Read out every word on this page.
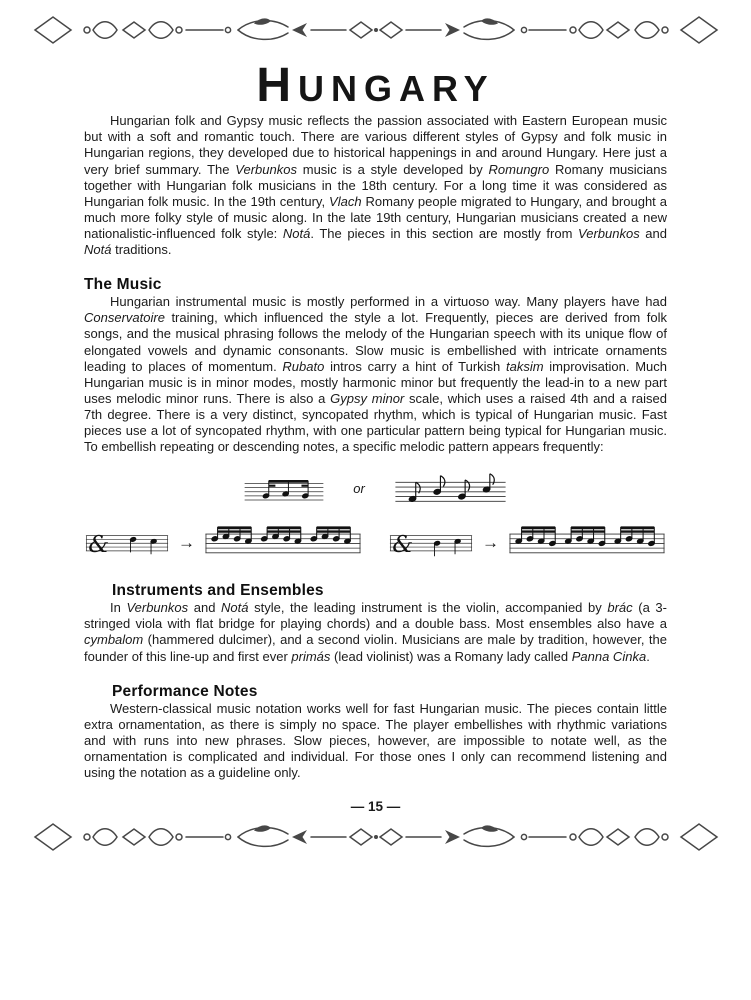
HUNGARY

Hungarian folk and Gypsy music reflects the passion associated with Eastern European music but with a soft and romantic touch. There are various different styles of Gypsy and folk music in Hungarian regions, they developed due to historical happenings in and around Hungary. Here just a very brief summary. The Verbunkos music is a style developed by Romungro Romany musicians together with Hungarian folk musicians in the 18th century. For a long time it was considered as Hungarian folk music. In the 19th century, Vlach Romany people migrated to Hungary, and brought a much more folky style of music along. In the late 19th century, Hungarian musicians created a new nationalistic-influenced folk style: Notá. The pieces in this section are mostly from Verbunkos and Notá traditions.

The Music

Hungarian instrumental music is mostly performed in a virtuoso way. Many players have had Conservatoire training, which influenced the style a lot. Frequently, pieces are derived from folk songs, and the musical phrasing follows the melody of the Hungarian speech with its unique flow of elongated vowels and dynamic consonants. Slow music is embellished with intricate ornaments leading to places of momentum. Rubato intros carry a hint of Turkish taksim improvisation. Much Hungarian music is in minor modes, mostly harmonic minor but frequently the lead-in to a new part uses melodic minor runs. There is also a Gypsy minor scale, which uses a raised 4th and a raised 7th degree. There is a very distinct, syncopated rhythm, which is typical of Hungarian music. Fast pieces use a lot of syncopated rhythm, with one particular pattern being typical for Hungarian music. To embellish repeating or descending notes, a specific melodic pattern appears frequently:

or
&	→	&	→
Instruments and Ensembles

In Verbunkos and Notá style, the leading instrument is the violin, accompanied by brác (a 3-stringed viola with flat bridge for playing chords) and a double bass. Most ensembles also have a cymbalom (hammered dulcimer), and a second violin. Musicians are male by tradition, however, the founder of this line-up and first ever primás (lead violinist) was a Romany lady called Panna Cinka.

Performance Notes

Western-classical music notation works well for fast Hungarian music. The pieces contain little extra ornamentation, as there is simply no space. The player embellishes with rhythmic variations and with runs into new phrases. Slow pieces, however, are impossible to notate well, as the ornamentation is complicated and individual. For those ones I only can recommend listening and using the notation as a guideline only.

— 15 —
